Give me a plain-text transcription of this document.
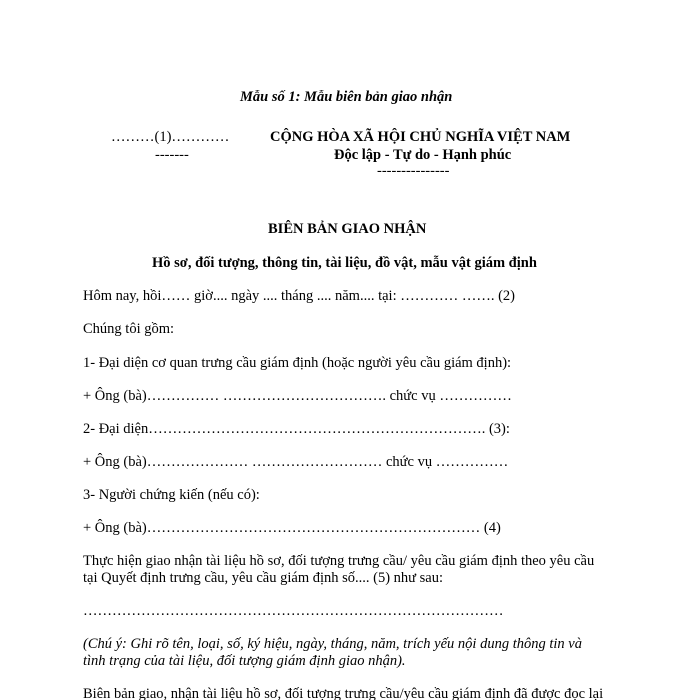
Mẫu số 1: Mẫu biên bản giao nhận
………(1)…………
-------
CỘNG HÒA XÃ HỘI CHỦ NGHĨA VIỆT NAM
Độc lập - Tự do - Hạnh phúc
---------------
BIÊN BẢN GIAO NHẬN
Hồ sơ, đối tượng, thông tin, tài liệu, đồ vật, mẫu vật giám định
Hôm nay, hồi…… giờ.... ngày .... tháng .... năm.... tại: ………… ……. (2)
Chúng tôi gồm:
1- Đại diện cơ quan trưng cầu giám định (hoặc người yêu cầu giám định):
+ Ông (bà)…………… ……………………………. chức vụ ……………
2- Đại diện……………………………………………………………. (3):
+ Ông (bà)………………… ……………………… chức vụ ……………
3- Người chứng kiến (nếu có):
+ Ông (bà)…………………………………………………………… (4)
Thực hiện giao nhận tài liệu hồ sơ, đối tượng trưng cầu/ yêu cầu giám định theo yêu cầu
tại Quyết định trưng cầu, yêu cầu giám định số.... (5) như sau:
……………………………………………………………………………
(Chú ý: Ghi rõ tên, loại, số, ký hiệu, ngày, tháng, năm, trích yếu nội dung thông tin và
tình trạng của tài liệu, đối tượng giám định giao nhận).
Biên bản giao, nhận tài liệu hồ sơ, đối tượng trưng cầu/yêu cầu giám định đã được đọc lại
